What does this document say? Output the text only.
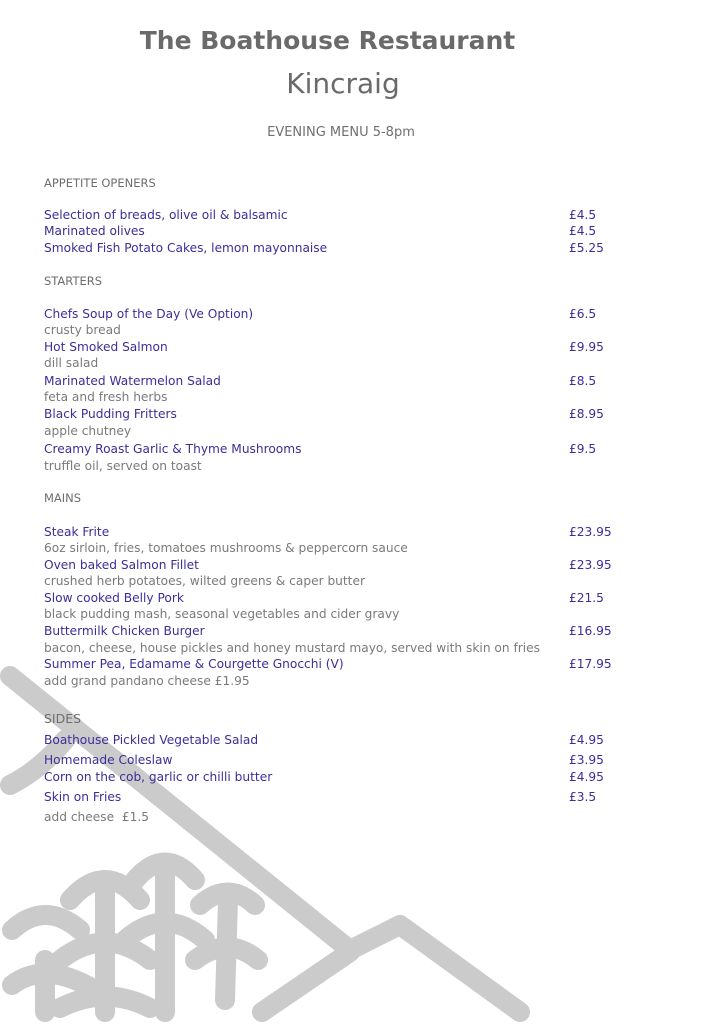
The Boathouse Restaurant
Kincraig
EVENING MENU 5-8pm
APPETITE OPENERS
Selection of breads, olive oil & balsamic	£4.5
Marinated olives	£4.5
Smoked Fish Potato Cakes, lemon mayonnaise	£5.25
STARTERS
Chefs Soup of the Day (Ve Option)	£6.5
crusty bread
Hot Smoked Salmon	£9.95
dill salad
Marinated Watermelon Salad	£8.5
feta and fresh herbs
Black Pudding Fritters	£8.95
apple chutney
Creamy Roast Garlic & Thyme Mushrooms	£9.5
truffle oil, served on toast
MAINS
Steak Frite	£23.95
6oz sirloin, fries, tomatoes mushrooms & peppercorn sauce
Oven baked Salmon Fillet	£23.95
crushed herb potatoes, wilted greens & caper butter
Slow cooked Belly Pork	£21.5
black pudding mash, seasonal vegetables and cider gravy
Buttermilk Chicken Burger	£16.95
bacon, cheese, house pickles and honey mustard mayo, served with skin on fries
Summer Pea, Edamame & Courgette Gnocchi (V)	£17.95
add grand pandano cheese £1.95
SIDES
Boathouse Pickled Vegetable Salad	£4.95
Homemade Coleslaw	£3.95
Corn on the cob, garlic or chilli butter	£4.95
Skin on Fries	£3.5
add cheese  £1.5
